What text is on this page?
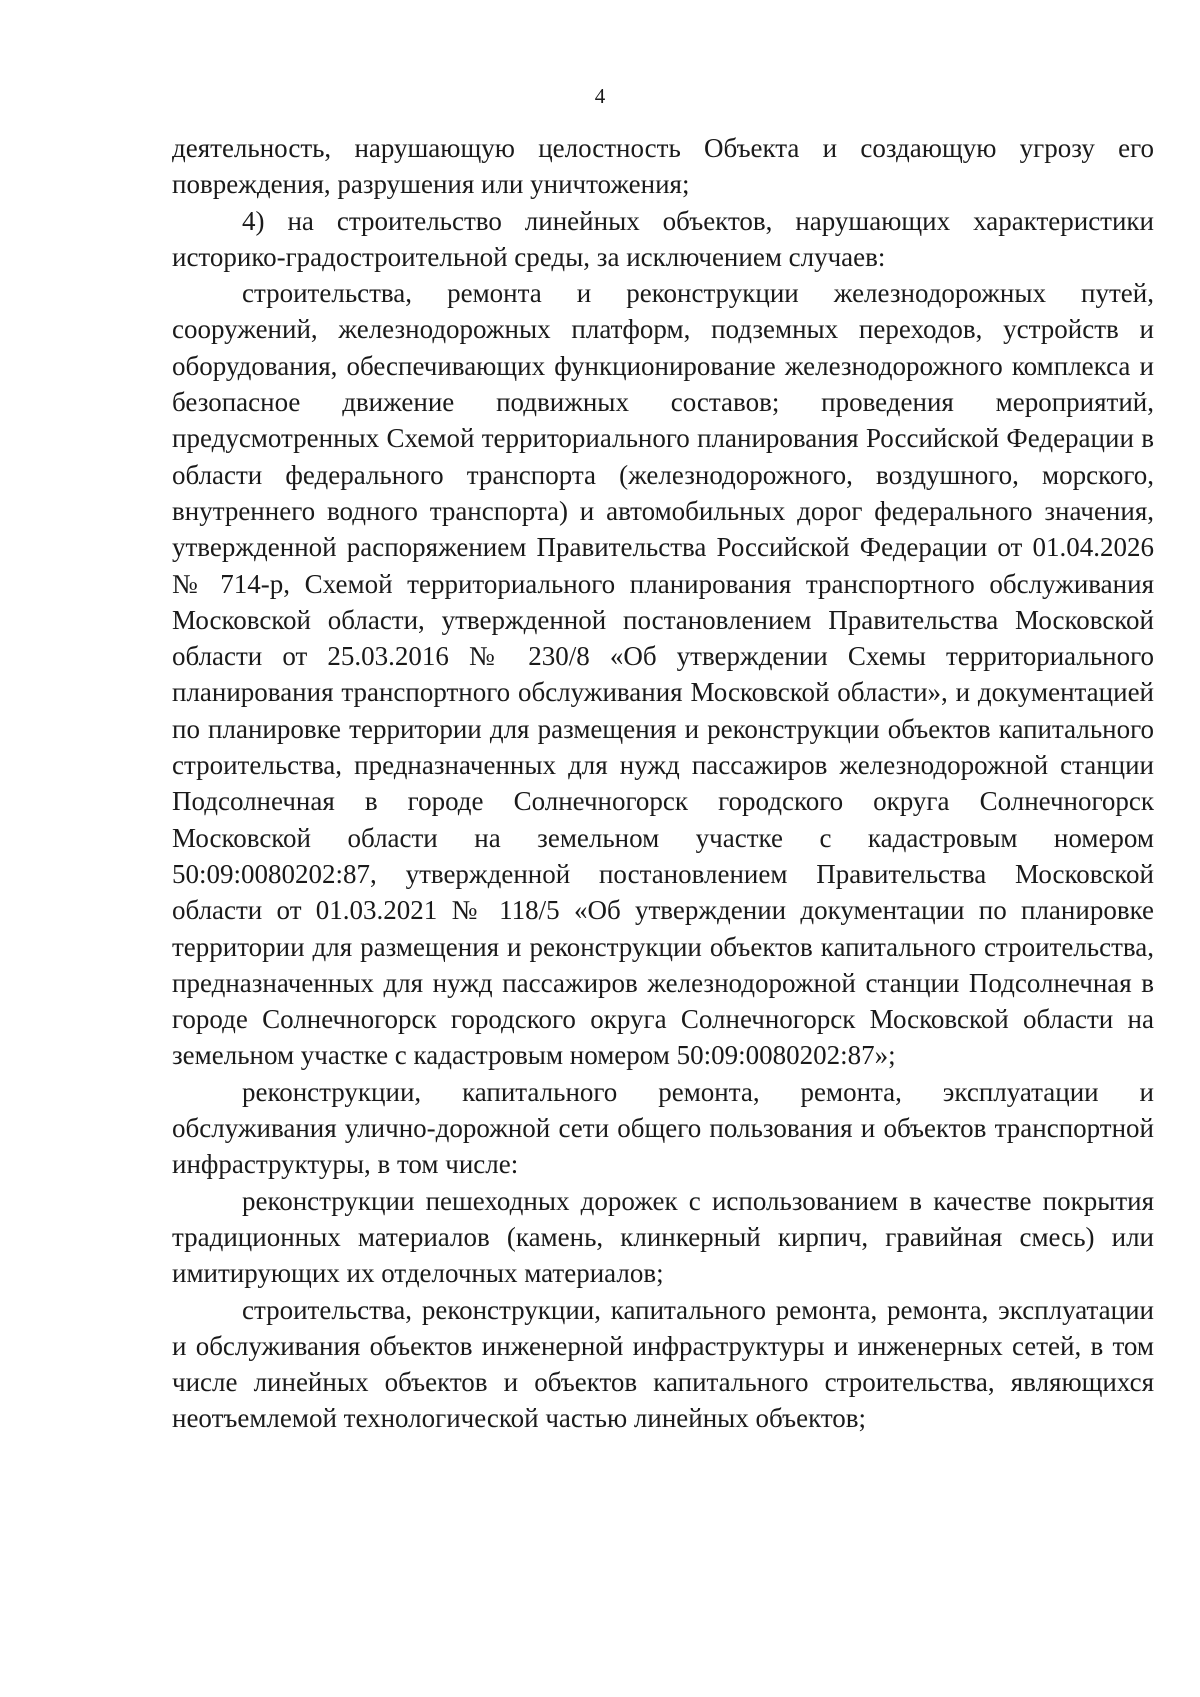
4

деятельность, нарушающую целостность Объекта и создающую угрозу его повреждения, разрушения или уничтожения;

4) на строительство линейных объектов, нарушающих характеристики историко-градостроительной среды, за исключением случаев:

строительства, ремонта и реконструкции железнодорожных путей, сооружений, железнодорожных платформ, подземных переходов, устройств и оборудования, обеспечивающих функционирование железнодорожного комплекса и безопасное движение подвижных составов; проведения мероприятий, предусмотренных Схемой территориального планирования Российской Федерации в области федерального транспорта (железнодорожного, воздушного, морского, внутреннего водного транспорта) и автомобильных дорог федерального значения, утвержденной распоряжением Правительства Российской Федерации от 01.04.2026 № 714-р, Схемой территориального планирования транспортного обслуживания Московской области, утвержденной постановлением Правительства Московской области от 25.03.2016 № 230/8 «Об утверждении Схемы территориального планирования транспортного обслуживания Московской области», и документацией по планировке территории для размещения и реконструкции объектов капитального строительства, предназначенных для нужд пассажиров железнодорожной станции Подсолнечная в городе Солнечногорск городского округа Солнечногорск Московской области на земельном участке с кадастровым номером 50:09:0080202:87, утвержденной постановлением Правительства Московской области от 01.03.2021 № 118/5 «Об утверждении документации по планировке территории для размещения и реконструкции объектов капитального строительства, предназначенных для нужд пассажиров железнодорожной станции Подсолнечная в городе Солнечногорск городского округа Солнечногорск Московской области на земельном участке с кадастровым номером 50:09:0080202:87»;

реконструкции, капитального ремонта, ремонта, эксплуатации и обслуживания улично-дорожной сети общего пользования и объектов транспортной инфраструктуры, в том числе:

реконструкции пешеходных дорожек с использованием в качестве покрытия традиционных материалов (камень, клинкерный кирпич, гравийная смесь) или имитирующих их отделочных материалов;

строительства, реконструкции, капитального ремонта, ремонта, эксплуатации и обслуживания объектов инженерной инфраструктуры и инженерных сетей, в том числе линейных объектов и объектов капитального строительства, являющихся неотъемлемой технологической частью линейных объектов;
